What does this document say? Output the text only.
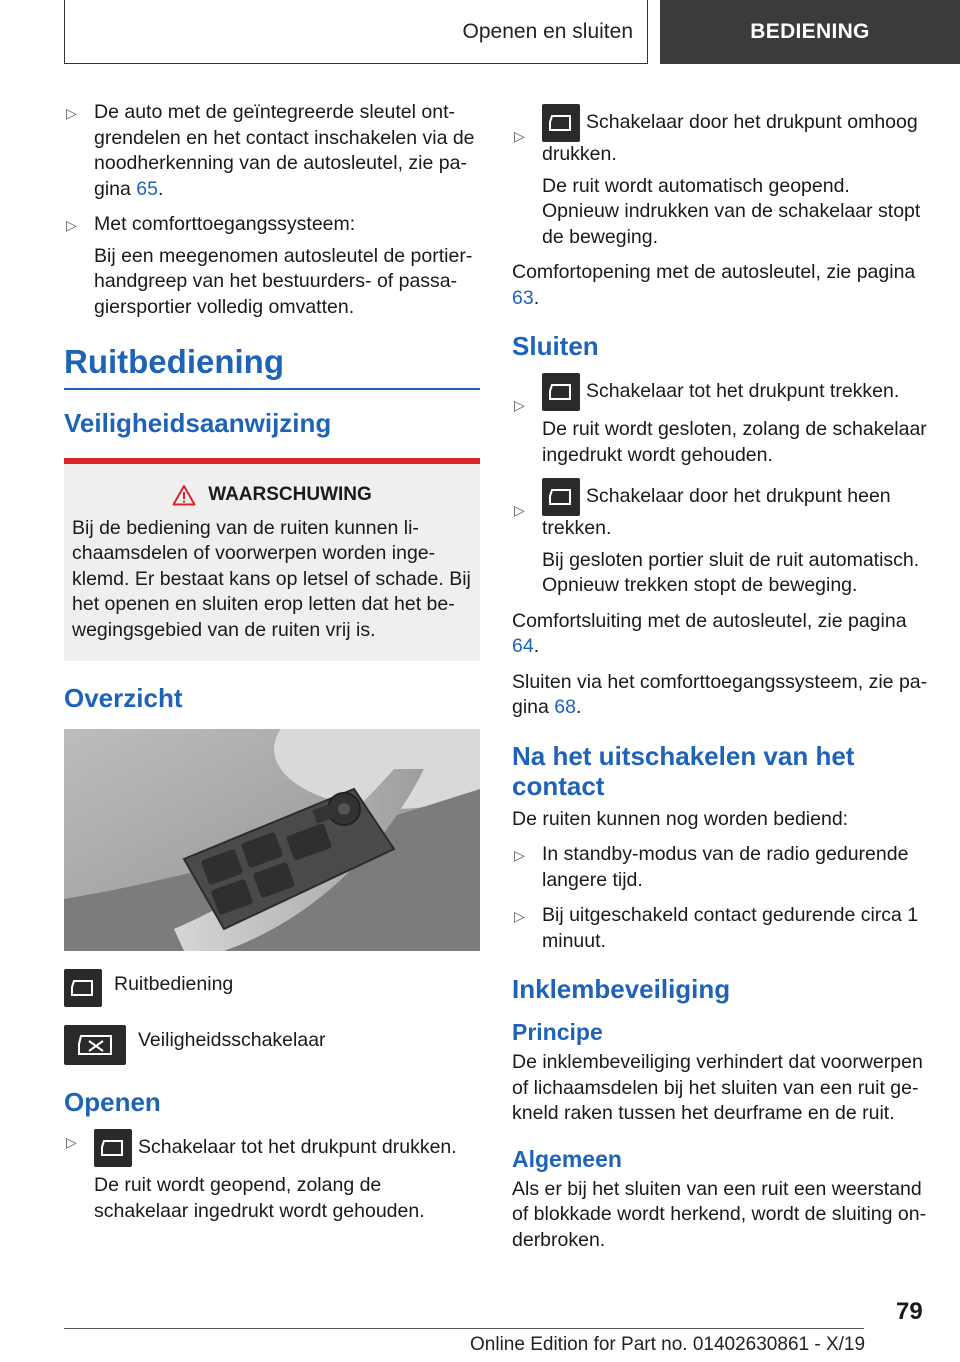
Openen en sluiten	BEDIENING
▷ De auto met de geïntegreerde sleutel ontgrendelen en het contact inschakelen via de noodherkenning van de autosleutel, zie pagina 65.

▷ Met comforttoegangssysteem:

Bij een meegenomen autosleutel de portierhandgreep van het bestuurders- of passagiersportier volledig omvatten.

Ruitbediening
Veiligheidsaanwijzing
WAARSCHUWING
Bij de bediening van de ruiten kunnen lichaamsdelen of voorwerpen worden ingeklemd. Er bestaat kans op letsel of schade. Bij het openen en sluiten erop letten dat het bewegingsgebied van de ruiten vrij is.
Overzicht
Ruitbediening
Veiligheidsschakelaar
Openen
▷	Schakelaar tot het drukpunt drukken.

De ruit wordt geopend, zolang de schakelaar ingedrukt wordt gehouden.

▷

Schakelaar door het drukpunt omhoog drukken.

De ruit wordt automatisch geopend. Opnieuw indrukken van de schakelaar stopt de beweging.

Comfortopening met de autosleutel, zie pagina 63.

Sluiten
▷

Schakelaar tot het drukpunt trekken.

De ruit wordt gesloten, zolang de schakelaar ingedrukt wordt gehouden.

▷

Schakelaar door het drukpunt heen trekken.

Bij gesloten portier sluit de ruit automatisch. Opnieuw trekken stopt de beweging.

Comfortsluiting met de autosleutel, zie pagina 64.

Sluiten via het comforttoegangssysteem, zie pagina 68.

Na het uitschakelen van het contact

De ruiten kunnen nog worden bediend:

▷ In standby-modus van de radio gedurende langere tijd.

▷ Bij uitgeschakeld contact gedurende circa 1 minuut.

Inklembeveiliging
Principe

De inklembeveiliging verhindert dat voorwerpen of lichaamsdelen bij het sluiten van een ruit gekneld raken tussen het deurframe en de ruit.

Algemeen

Als er bij het sluiten van een ruit een weerstand of blokkade wordt herkend, wordt de sluiting onderbroken.

79
Online Edition for Part no. 01402630861 - X/19
